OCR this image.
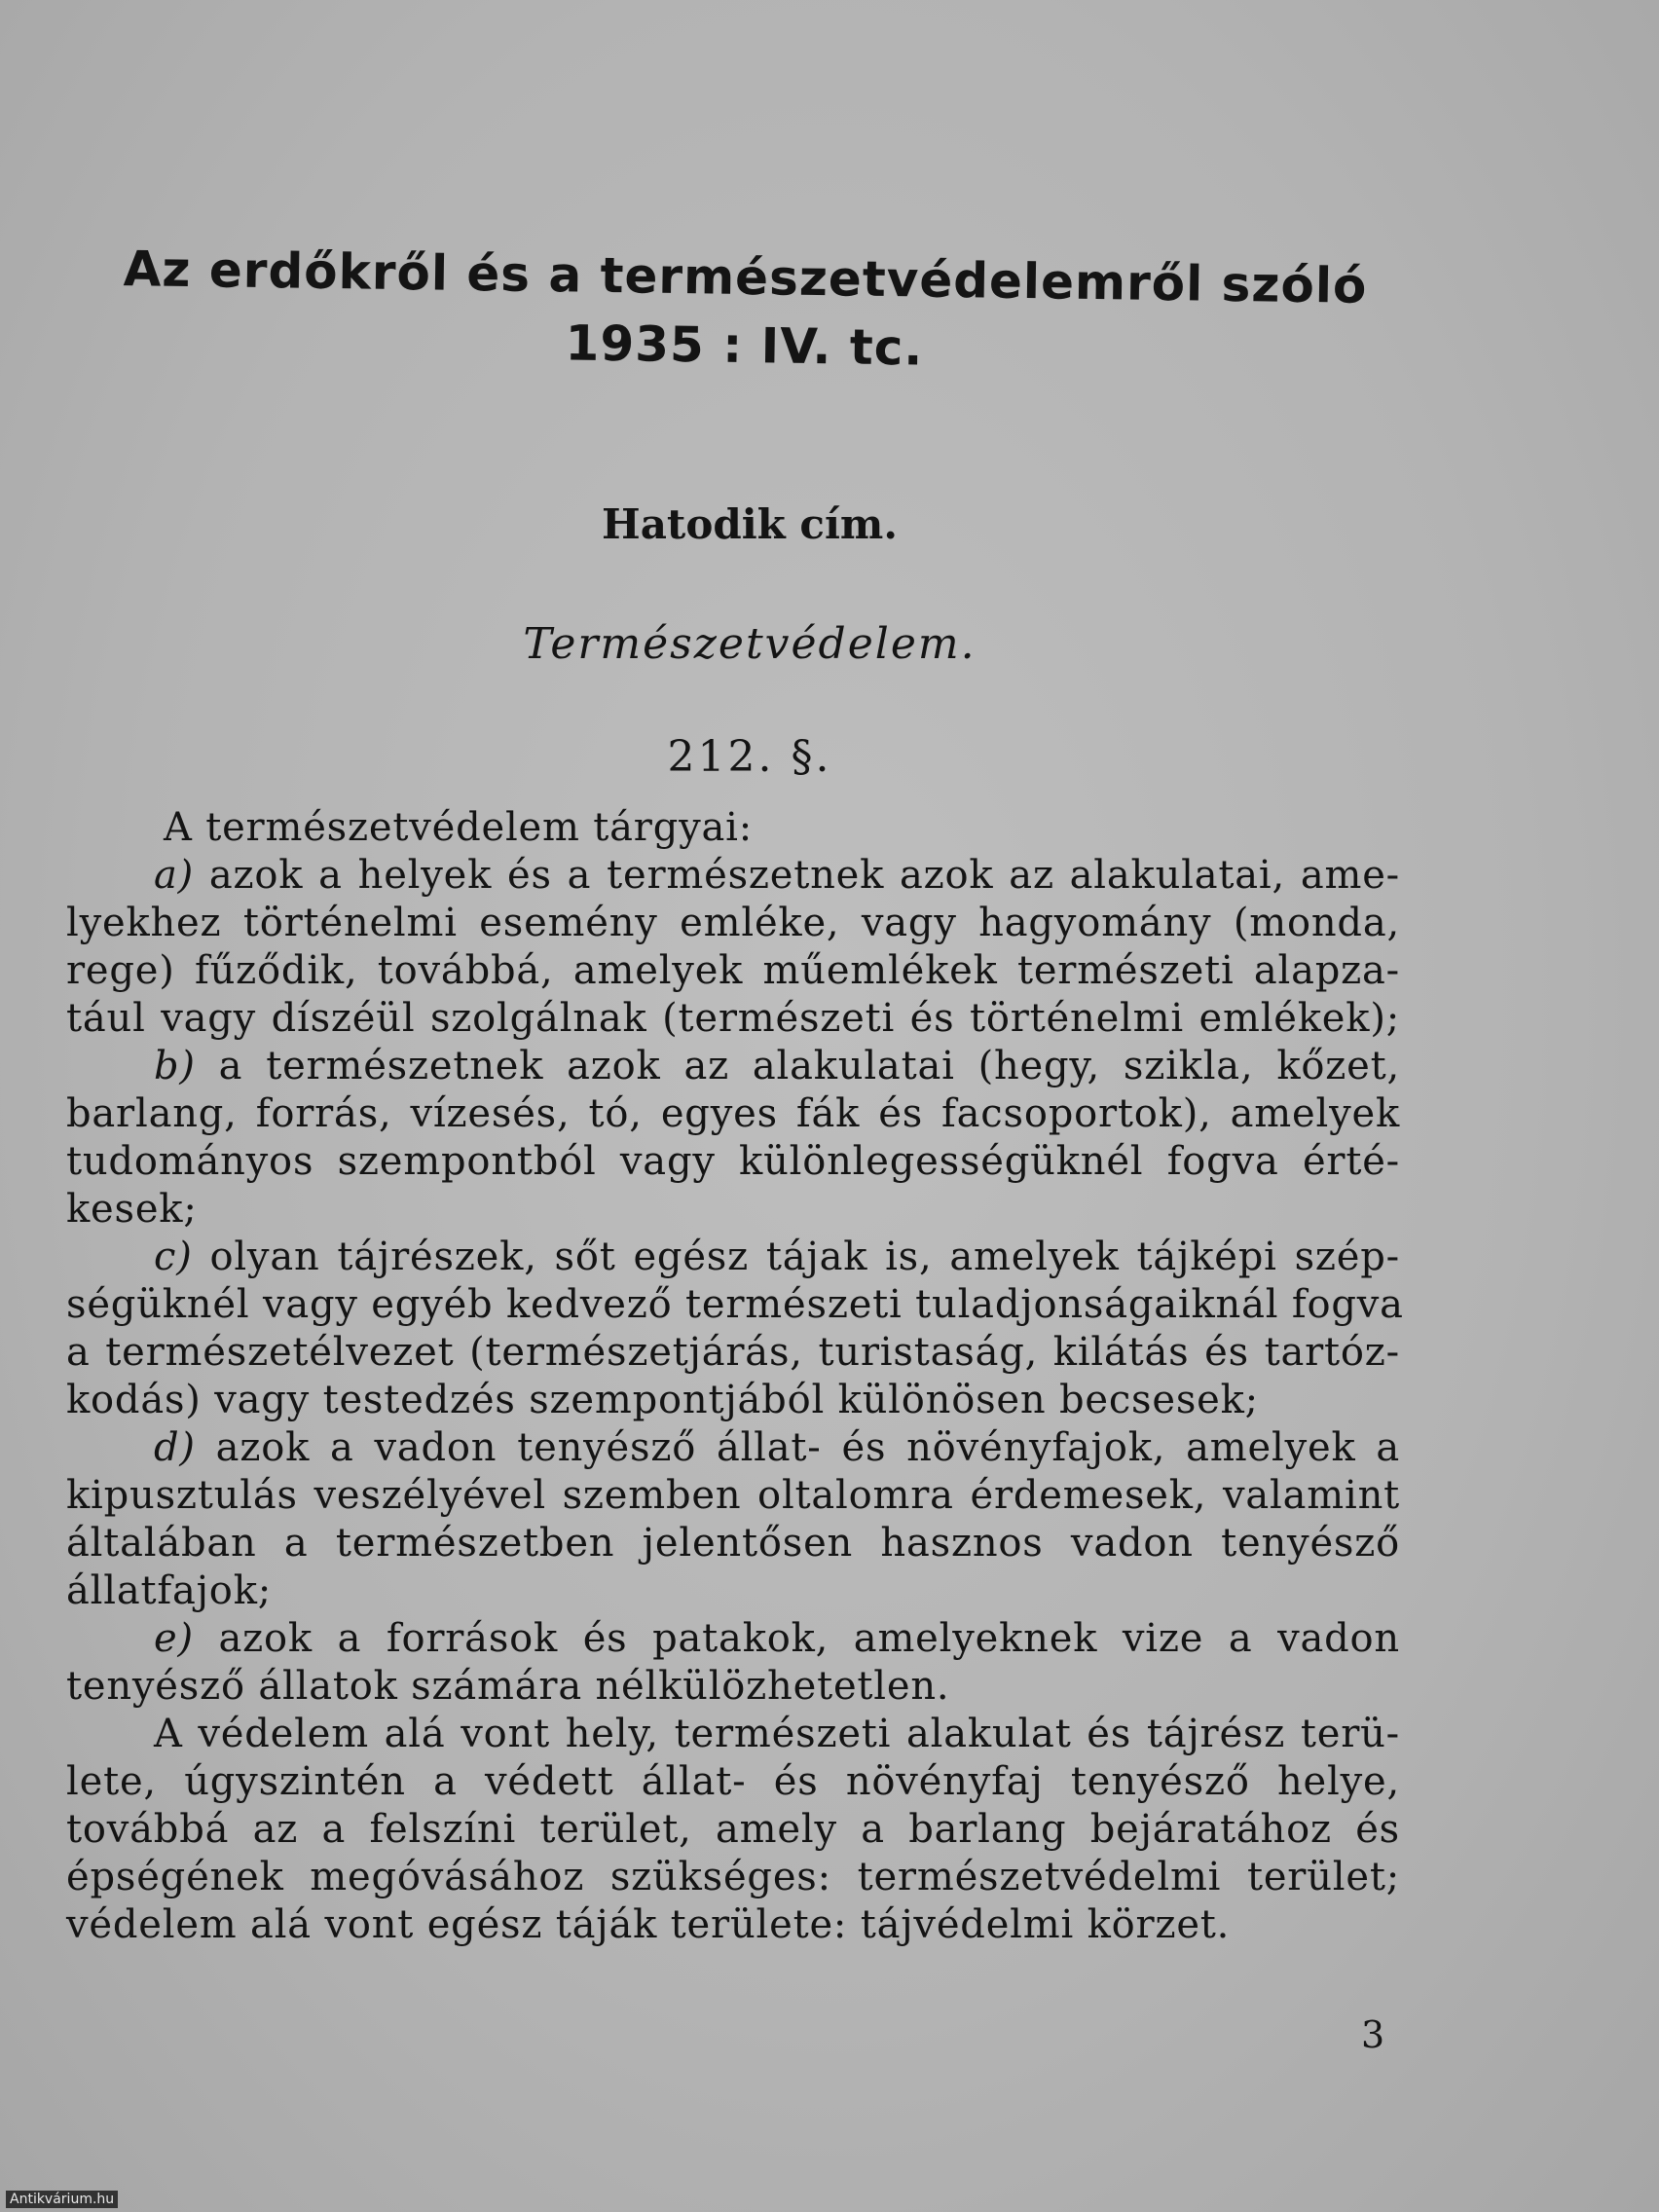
Az erdőkről és a természetvédelemről szóló
1935 : IV. tc.
Hatodik cím.
Természetvédelem.
212. §.
A természetvédelem tárgyai:
a) azok a helyek és a természetnek azok az alakulatai, ame-
lyekhez történelmi esemény emléke, vagy hagyomány (monda,
rege) fűződik, továbbá, amelyek műemlékek természeti alapza-
tául vagy díszéül szolgálnak (természeti és történelmi emlékek);
b) a természetnek azok az alakulatai (hegy, szikla, kőzet,
barlang, forrás, vízesés, tó, egyes fák és facsoportok), amelyek
tudományos szempontból vagy különlegességüknél fogva érté-
kesek;
c) olyan tájrészek, sőt egész tájak is, amelyek tájképi szép-
ségüknél vagy egyéb kedvező természeti tuladjonságaiknál fogva
a természetélvezet (természetjárás, turistaság, kilátás és tartóz-
kodás) vagy testedzés szempontjából különösen becsesek;
d) azok a vadon tenyésző állat- és növényfajok, amelyek a
kipusztulás veszélyével szemben oltalomra érdemesek, valamint
általában a természetben jelentősen hasznos vadon tenyésző
állatfajok;
e) azok a források és patakok, amelyeknek vize a vadon
tenyésző állatok számára nélkülözhetetlen.
A védelem alá vont hely, természeti alakulat és tájrész terü-
lete, úgyszintén a védett állat- és növényfaj tenyésző helye,
továbbá az a felszíni terület, amely a barlang bejáratához és
épségének megóvásához szükséges: természetvédelmi terület;
védelem alá vont egész táják területe: tájvédelmi körzet.
3
Antikvárium.hu
